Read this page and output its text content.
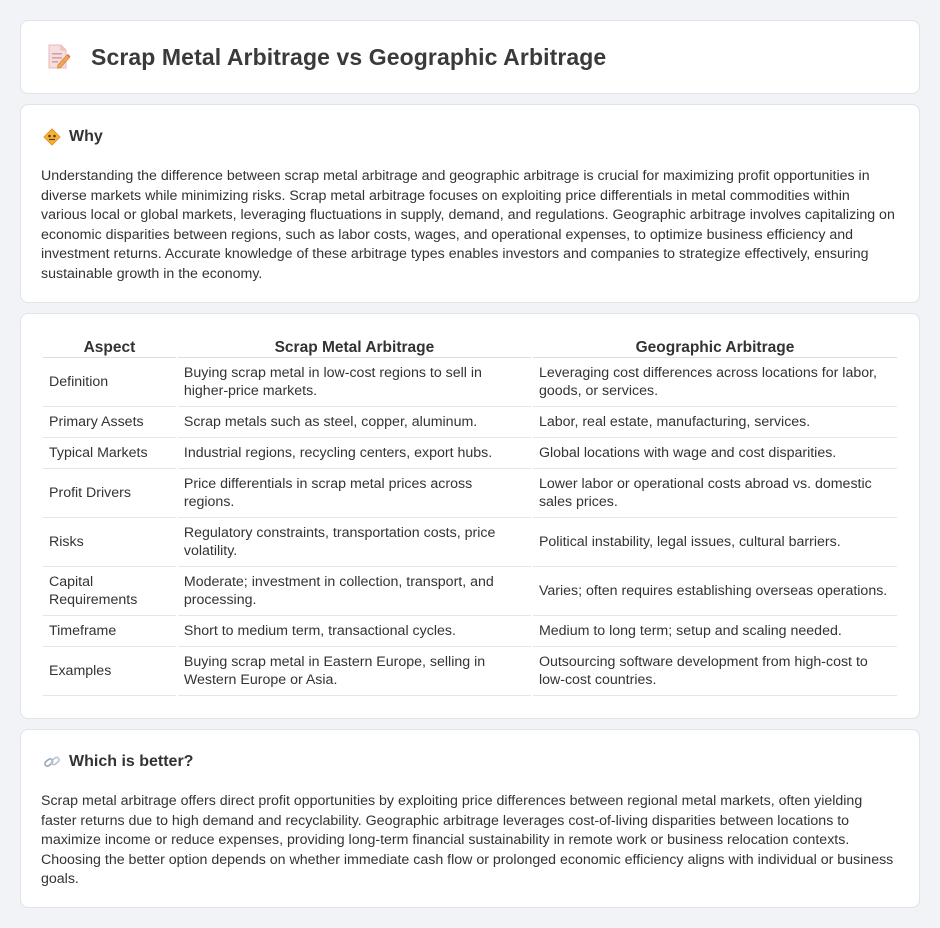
Scrap Metal Arbitrage vs Geographic Arbitrage
Why

Understanding the difference between scrap metal arbitrage and geographic arbitrage is crucial for maximizing profit opportunities in diverse markets while minimizing risks. Scrap metal arbitrage focuses on exploiting price differentials in metal commodities within various local or global markets, leveraging fluctuations in supply, demand, and regulations. Geographic arbitrage involves capitalizing on economic disparities between regions, such as labor costs, wages, and operational expenses, to optimize business efficiency and investment returns. Accurate knowledge of these arbitrage types enables investors and companies to strategize effectively, ensuring sustainable growth in the economy.

Aspect	Scrap Metal Arbitrage	Geographic Arbitrage
Definition	Buying scrap metal in low-cost regions to sell in higher-price markets.	Leveraging cost differences across locations for labor, goods, or services.
Primary Assets	Scrap metals such as steel, copper, aluminum.	Labor, real estate, manufacturing, services.
Typical Markets	Industrial regions, recycling centers, export hubs.	Global locations with wage and cost disparities.
Profit Drivers	Price differentials in scrap metal prices across regions.	Lower labor or operational costs abroad vs. domestic sales prices.
Risks	Regulatory constraints, transportation costs, price volatility.	Political instability, legal issues, cultural barriers.
Capital Requirements	Moderate; investment in collection, transport, and processing.	Varies; often requires establishing overseas operations.
Timeframe	Short to medium term, transactional cycles.	Medium to long term; setup and scaling needed.
Examples	Buying scrap metal in Eastern Europe, selling in Western Europe or Asia.	Outsourcing software development from high-cost to low-cost countries.
Which is better?

Scrap metal arbitrage offers direct profit opportunities by exploiting price differences between regional metal markets, often yielding faster returns due to high demand and recyclability. Geographic arbitrage leverages cost-of-living disparities between locations to maximize income or reduce expenses, providing long-term financial sustainability in remote work or business relocation contexts. Choosing the better option depends on whether immediate cash flow or prolonged economic efficiency aligns with individual or business goals.
